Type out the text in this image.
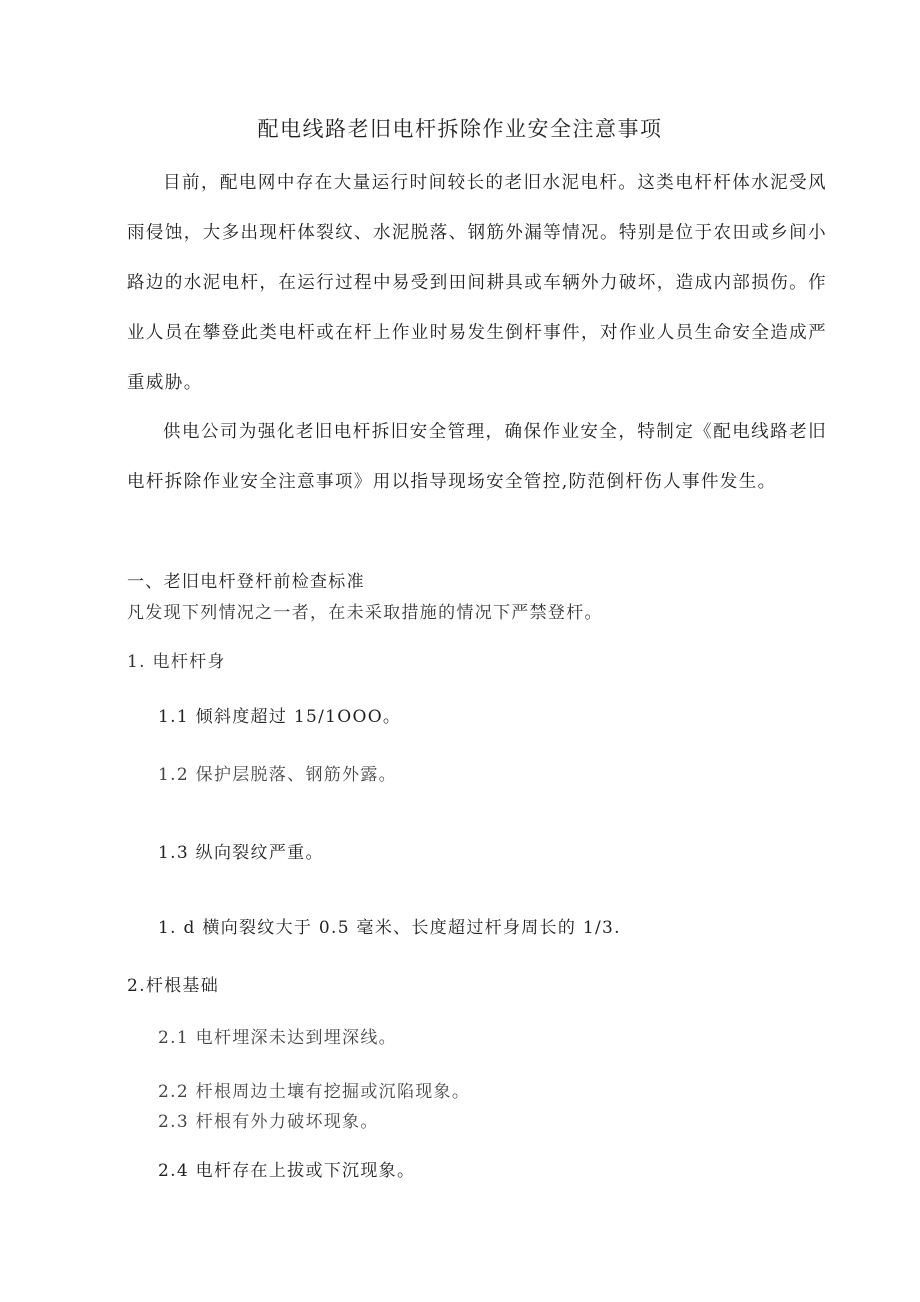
配电线路老旧电杆拆除作业安全注意事项
目前，配电网中存在大量运行时间较长的老旧水泥电杆。这类电杆杆体水泥受风雨侵蚀，大多出现杆体裂纹、水泥脱落、钢筋外漏等情况。特别是位于农田或乡间小路边的水泥电杆，在运行过程中易受到田间耕具或车辆外力破坏，造成内部损伤。作业人员在攀登此类电杆或在杆上作业时易发生倒杆事件，对作业人员生命安全造成严重威胁。
供电公司为强化老旧电杆拆旧安全管理，确保作业安全，特制定《配电线路老旧电杆拆除作业安全注意事项》用以指导现场安全管控,防范倒杆伤人事件发生。
一、老旧电杆登杆前检查标准
凡发现下列情况之一者，在未采取措施的情况下严禁登杆。
1. 电杆杆身
1.1 倾斜度超过 15/1OOO。
1.2 保护层脱落、钢筋外露。
1.3 纵向裂纹严重。
1. d 横向裂纹大于 0.5 毫米、长度超过杆身周长的 1/3.
2.杆根基础
2.1 电杆埋深未达到埋深线。
2.2 杆根周边土壤有挖掘或沉陷现象。
2.3 杆根有外力破坏现象。
2.4 电杆存在上拔或下沉现象。
